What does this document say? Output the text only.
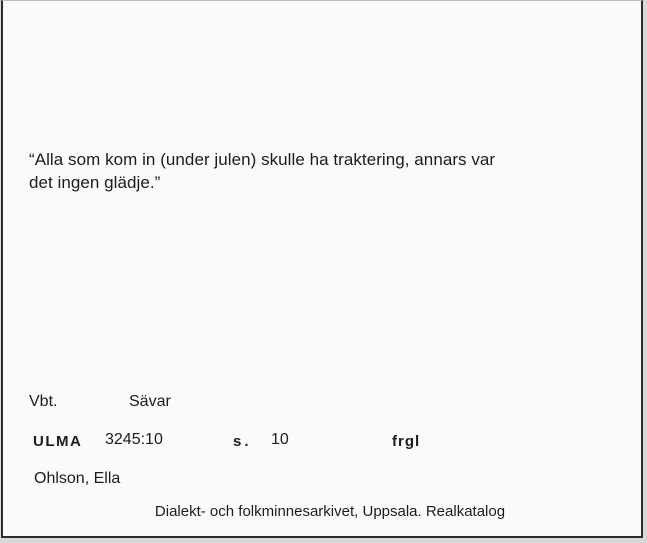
“Alla som kom in (under julen) skulle ha traktering, annars var
det ingen glädje.”
Vbt.	Sävar
ULMA 3245:10	s. 10	frgl
Ohlson, Ella
Dialekt- och folkminnesarkivet, Uppsala. Realkatalog
